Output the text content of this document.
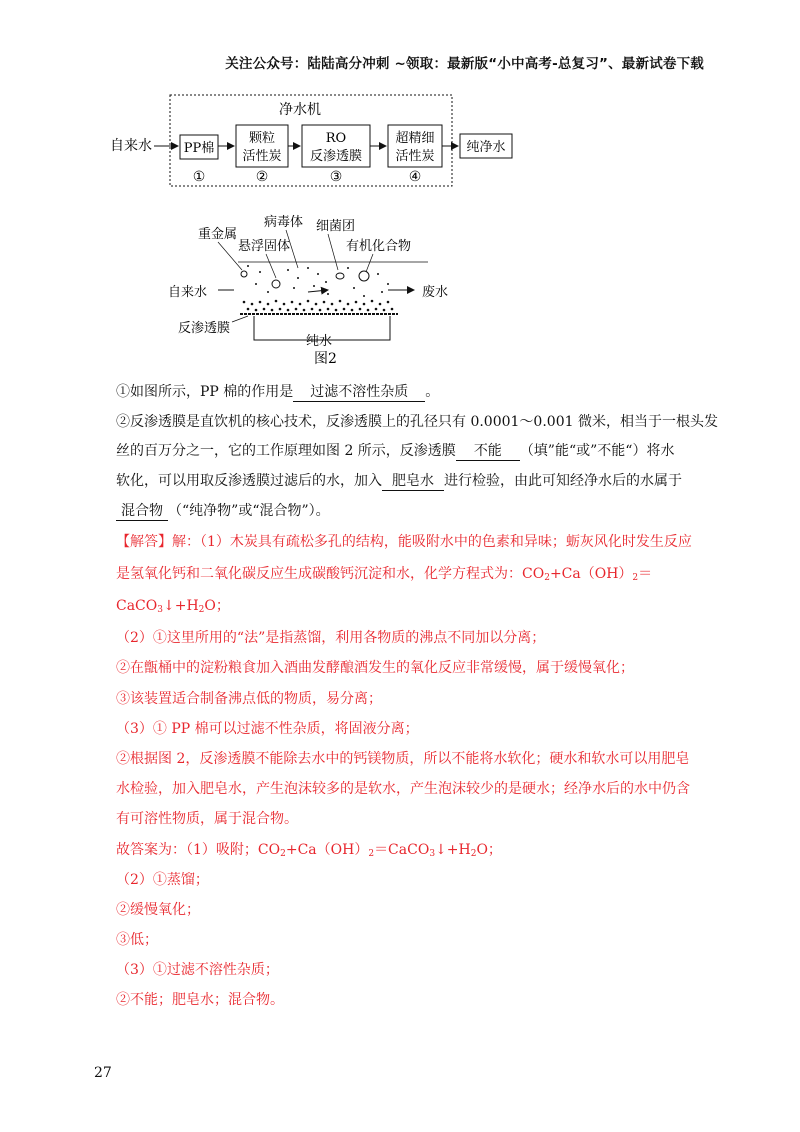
关注公众号：陆陆高分冲刺 ~领取：最新版“小中高考-总复习”、最新试卷下载
净水机
自来水 PP棉
①
颗粒
活性炭
②
RO
反渗透膜
③
超精细
活性炭
④
纯净水
重金属
病毒体 细菌团
悬浮固体	有机化合物
自来水	废水
反渗透膜
纯水
图2
①如图所示，PP 棉的作用是 过滤不溶性杂质 。
②反渗透膜是直饮机的核心技术，反渗透膜上的孔径只有 0.0001～0.001 微米，相当于一根头发
丝的百万分之一，它的工作原理如图 2 所示，反渗透膜 不能 （填”能“或”不能“）将水
软化，可以用取反渗透膜过滤后的水，加入 肥皂水 进行检验，由此可知经净水后的水属于
混合物 （“纯净物”或“混合物”）。
【解答】解：（1）木炭具有疏松多孔的结构，能吸附水中的色素和异味；蛎灰风化时发生反应
是氢氧化钙和二氧化碳反应生成碳酸钙沉淀和水，化学方程式为：$CO_2+Ca(OH)_2=$
$CaCO_3↓+H_2O$；
（2）①这里所用的“法”是指蒸馏，利用各物质的沸点不同加以分离；
②在甑桶中的淀粉粮食加入酒曲发酵酿酒发生的氧化反应非常缓慢，属于缓慢氧化；
③该装置适合制备沸点低的物质，易分离；
（3）① PP 棉可以过滤不性杂质，将固液分离；
②根据图 2，反渗透膜不能除去水中的钙镁物质，所以不能将水软化；硬水和软水可以用肥皂
水检验，加入肥皂水，产生泡沫较多的是软水，产生泡沫较少的是硬水；经净水后的水中仍含
有可溶性物质，属于混合物。
故答案为：（1）吸附；$CO_2+Ca(OH)_2=CaCO_3↓+H_2O$；
（2）①蒸馏；
②缓慢氧化；
③低；
（3）①过滤不溶性杂质；
②不能；肥皂水；混合物。
27
